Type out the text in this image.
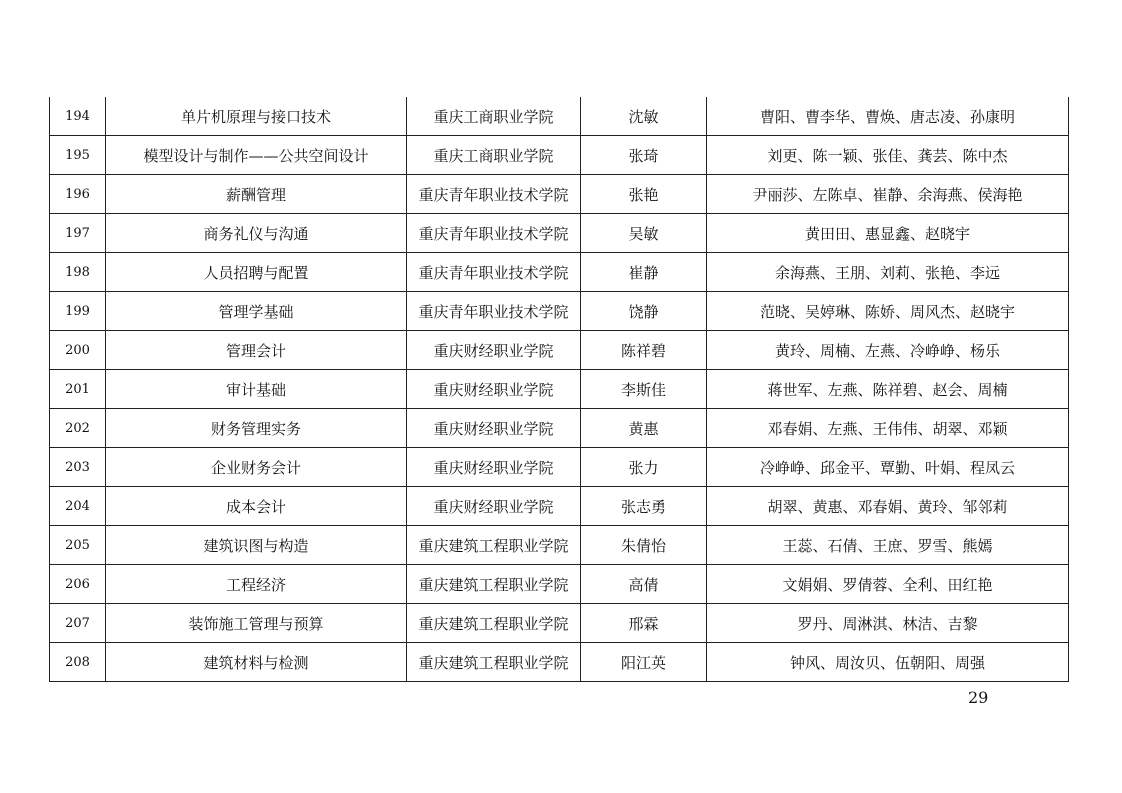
194	单片机原理与接口技术	重庆工商职业学院	沈敏	曹阳、曹李华、曹焕、唐志凌、孙康明
195	模型设计与制作——公共空间设计	重庆工商职业学院	张琦	刘更、陈一颖、张佳、龚芸、陈中杰
196	薪酬管理	重庆青年职业技术学院	张艳	尹丽莎、左陈卓、崔静、余海燕、侯海艳
197	商务礼仪与沟通	重庆青年职业技术学院	吴敏	黄田田、惠显鑫、赵晓宇
198	人员招聘与配置	重庆青年职业技术学院	崔静	余海燕、王朋、刘莉、张艳、李远
199	管理学基础	重庆青年职业技术学院	饶静	范晓、吴婷琳、陈娇、周风杰、赵晓宇
200	管理会计	重庆财经职业学院	陈祥碧	黄玲、周楠、左燕、冷峥峥、杨乐
201	审计基础	重庆财经职业学院	李斯佳	蒋世军、左燕、陈祥碧、赵会、周楠
202	财务管理实务	重庆财经职业学院	黄惠	邓春娟、左燕、王伟伟、胡翠、邓颖
203	企业财务会计	重庆财经职业学院	张力	冷峥峥、邱金平、覃勤、叶娟、程凤云
204	成本会计	重庆财经职业学院	张志勇	胡翠、黄惠、邓春娟、黄玲、邹邻莉
205	建筑识图与构造	重庆建筑工程职业学院	朱倩怡	王蕊、石倩、王庶、罗雪、熊嫣
206	工程经济	重庆建筑工程职业学院	高倩	文娟娟、罗倩蓉、全利、田红艳
207	装饰施工管理与预算	重庆建筑工程职业学院	邢霖	罗丹、周淋淇、林洁、吉黎
208	建筑材料与检测	重庆建筑工程职业学院	阳江英	钟风、周汝贝、伍朝阳、周强
29
